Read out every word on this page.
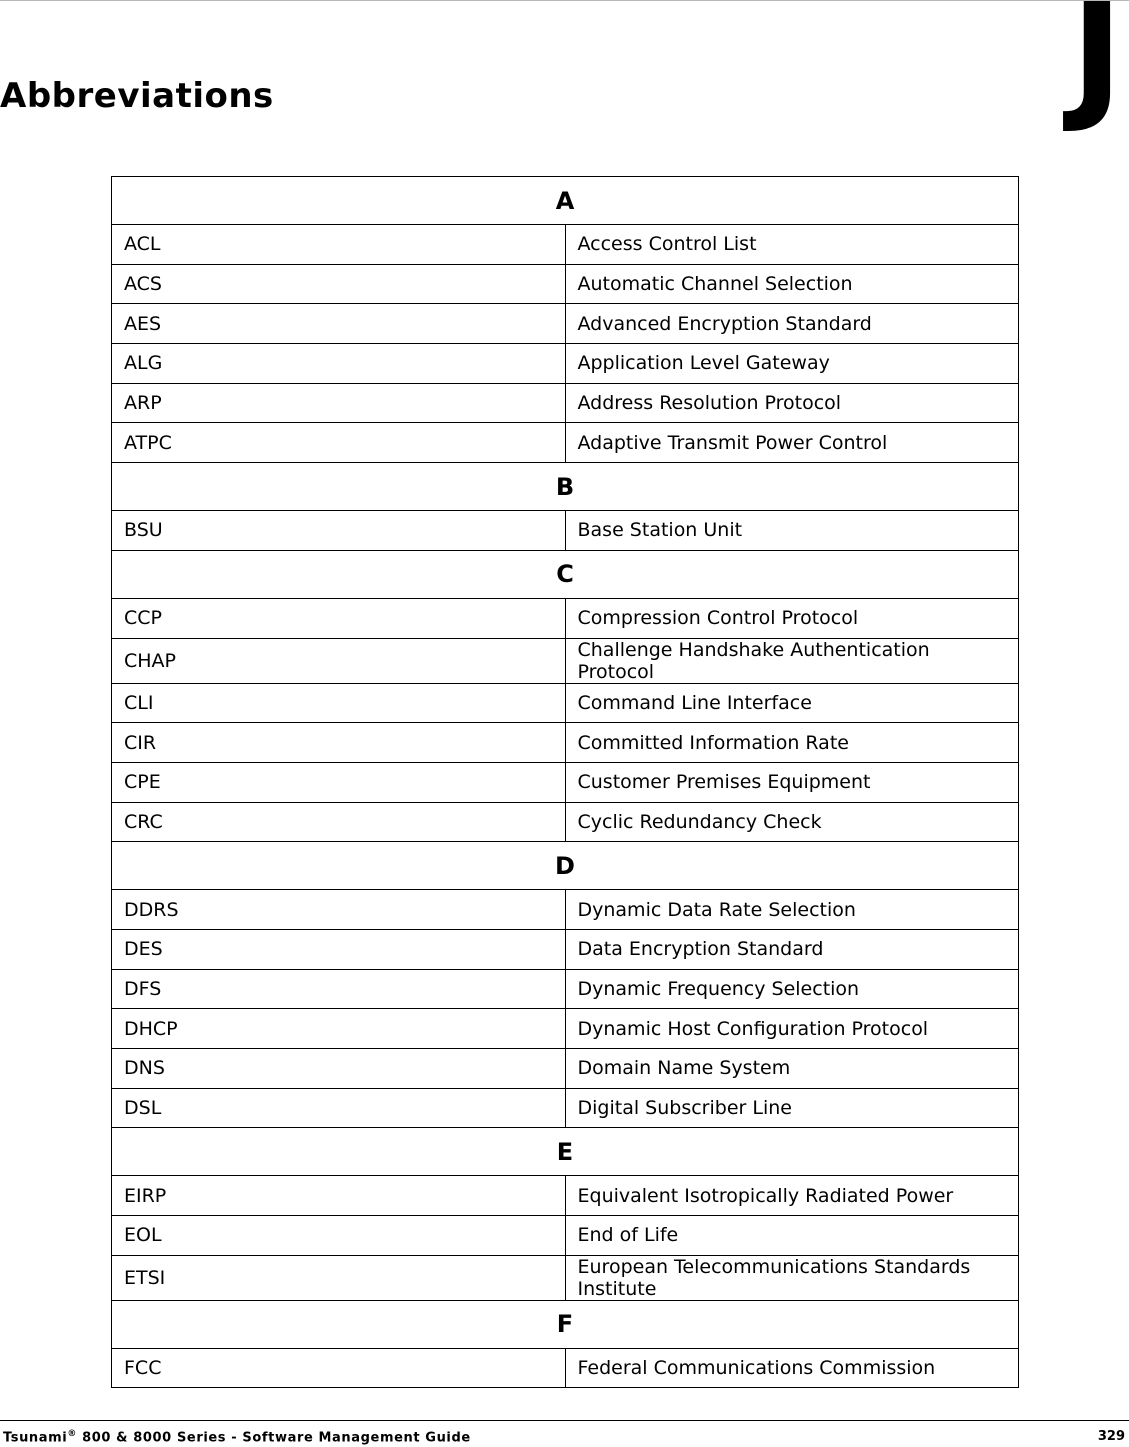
Abbreviations	J
A	
ACL	Access Control List
ACS	Automatic Channel Selection
AES	Advanced Encryption Standard
ALG	Application Level Gateway
ARP	Address Resolution Protocol
ATPC	Adaptive Transmit Power Control
B	
BSU	Base Station Unit
C	
CCP	Compression Control Protocol
CHAP	Challenge Handshake Authentication Protocol
CLI	Command Line Interface
CIR	Committed Information Rate
CPE	Customer Premises Equipment
CRC	Cyclic Redundancy Check
D	
DDRS	Dynamic Data Rate Selection
DES	Data Encryption Standard
DFS	Dynamic Frequency Selection
DHCP	Dynamic Host Configuration Protocol
DNS	Domain Name System
DSL	Digital Subscriber Line
E	
EIRP	Equivalent Isotropically Radiated Power
EOL	End of Life
ETSI	European Telecommunications Standards Institute
F	
FCC	Federal Communications Commission
Tsunami® 800 & 8000 Series - Software Management Guide	329
